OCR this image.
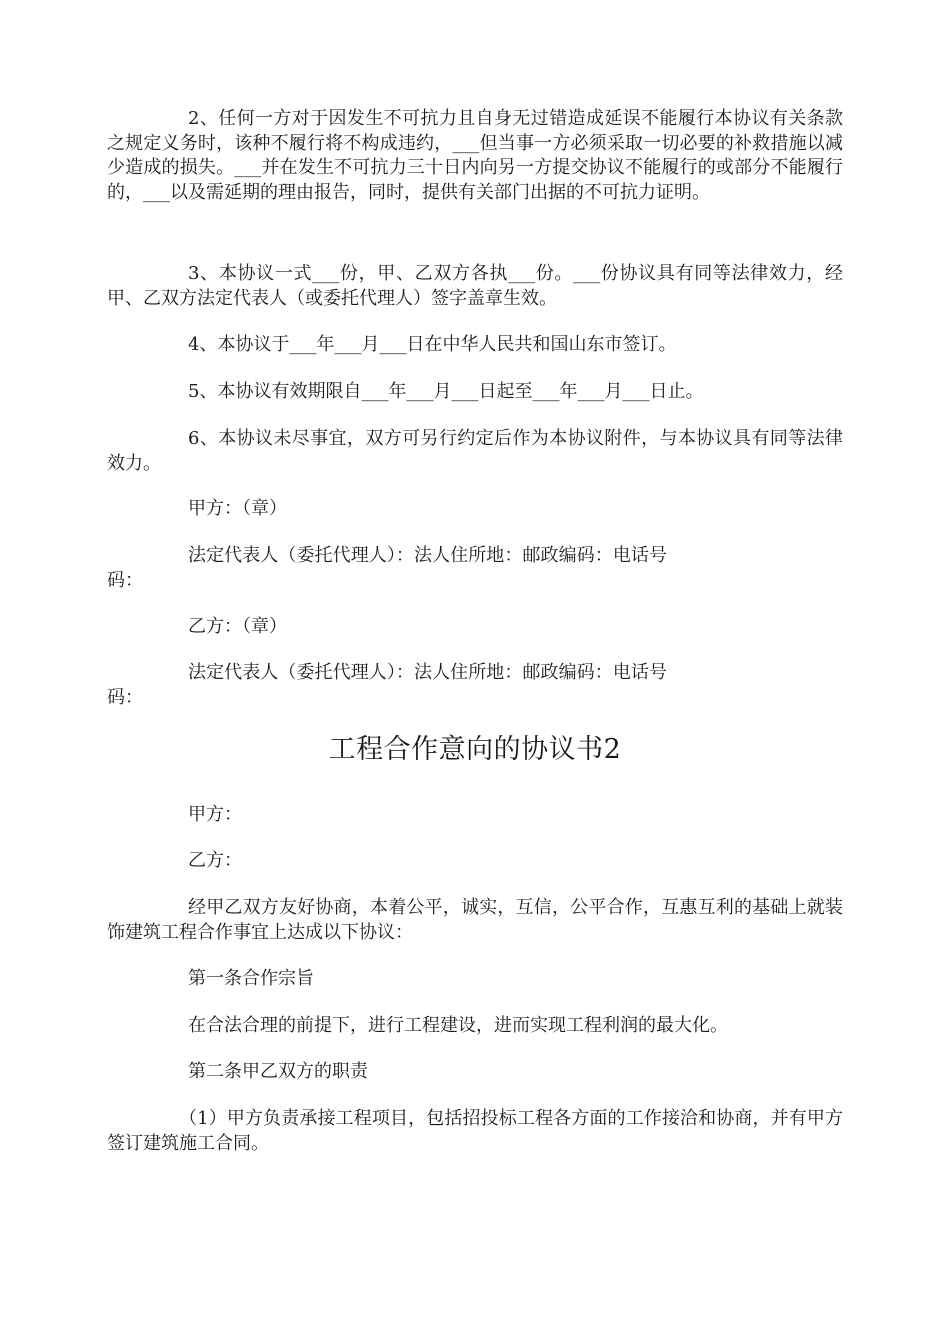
2、任何一方对于因发生不可抗力且自身无过错造成延误不能履行本协议有关条款之规定义务时，该种不履行将不构成违约，___但当事一方必须采取一切必要的补救措施以减少造成的损失。___并在发生不可抗力三十日内向另一方提交协议不能履行的或部分不能履行的，___以及需延期的理由报告，同时，提供有关部门出据的不可抗力证明。

3、本协议一式___份，甲、乙双方各执___份。___份协议具有同等法律效力，经甲、乙双方法定代表人（或委托代理人）签字盖章生效。

4、本协议于___年___月___日在中华人民共和国山东市签订。

5、本协议有效期限自___年___月___日起至___年___月___日止。

6、本协议未尽事宜，双方可另行约定后作为本协议附件，与本协议具有同等法律效力。

甲方：（章）

法定代表人（委托代理人）：法人住所地：邮政编码：电话号码：

乙方：（章）

法定代表人（委托代理人）：法人住所地：邮政编码：电话号码：

工程合作意向的协议书2

甲方：

乙方：

经甲乙双方友好协商，本着公平，诚实，互信，公平合作，互惠互利的基础上就装饰建筑工程合作事宜上达成以下协议：

第一条合作宗旨

在合法合理的前提下，进行工程建设，进而实现工程利润的最大化。

第二条甲乙双方的职责

（1）甲方负责承接工程项目，包括招投标工程各方面的工作接洽和协商，并有甲方签订建筑施工合同。
